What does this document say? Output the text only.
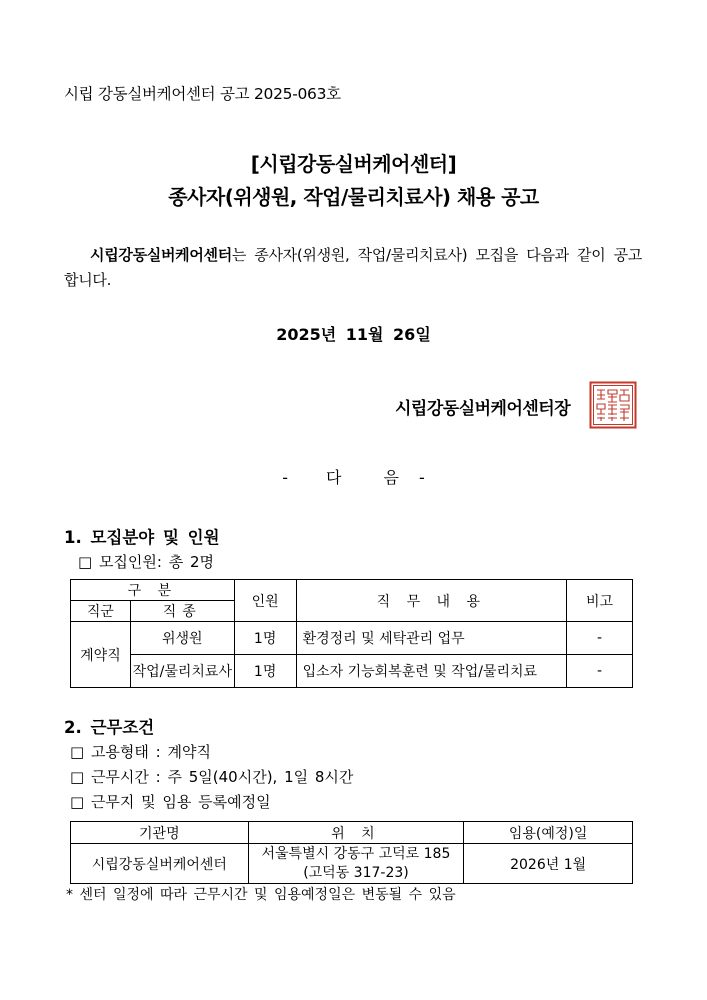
시립 강동실버케어센터 공고 2025-063호
[시립강동실버케어센터]
종사자(위생원, 작업/물리치료사) 채용 공고
시립강동실버케어센터는 종사자(위생원, 작업/물리치료사) 모집을 다음과 같이 공고합니다.
2025년 11월 26일
시립강동실버케어센터장
- 다	음 -
1. 모집분야 및 인원
□ 모집인원: 총 2명
구 분		인원	직 무 내 용	비고
직군	직종			
계약직	위생원	1명	환경정리 및 세탁관리 업무	-
	작업/물리치료사	1명	입소자 기능회복훈련 및 작업/물리치료	-
2. 근무조건
□ 고용형태 : 계약직
□ 근무시간 : 주 5일(40시간), 1일 8시간
□ 근무지 및 임용 등록예정일
기관명	위 치	임용(예정)일
시립강동실버케어센터	서울특별시 강동구 고덕로 185
(고덕동 317-23)	2026년 1월
* 센터 일정에 따라 근무시간 및 임용예정일은 변동될 수 있음
